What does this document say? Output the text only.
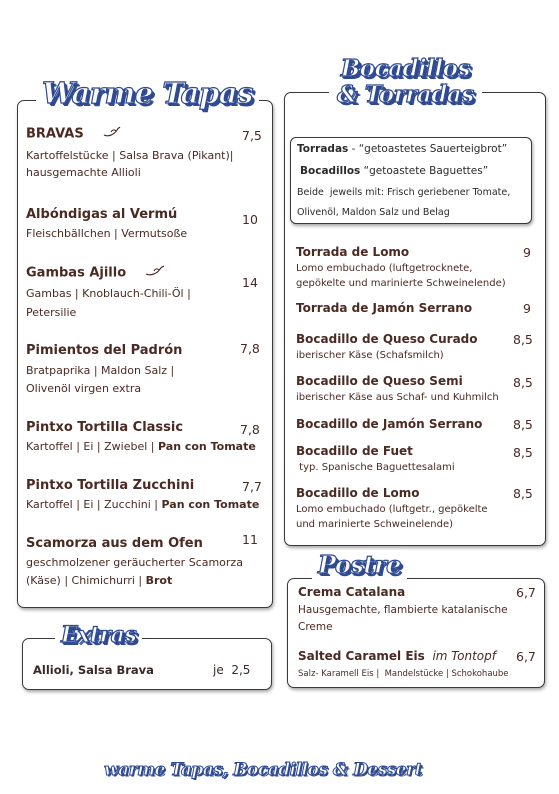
Warme Tapas
BRAVAS
Kartoffelstücke | Salsa Brava (Pikant)|
hausgemachte Allioli
7,5
Albóndigas al Vermú
Fleischbällchen | Vermutsoße
10
Gambas Ajillo
Gambas | Knoblauch-Chili-Öl |
Petersilie
14
Pimientos del Padrón
Bratpaprika | Maldon Salz |
Olivenöl virgen extra
7,8
Pintxo Tortilla Classic
Kartoffel | Ei | Zwiebel | Pan con Tomate
7,8
Pintxo Tortilla Zucchini
Kartoffel | Ei | Zucchini | Pan con Tomate
7,7
Scamorza aus dem Ofen
geschmolzener geräucherter Scamorza
(Käse) | Chimichurri | Brot
11
Extras
Allioli, Salsa Brava	je  2,5
Bocadillos
& Torradas
Torradas - “getoastetes Sauerteigbrot”
Bocadillos “getoastete Baguettes”
Beide  jeweils mit: Frisch geriebener Tomate,
Olivenöl, Maldon Salz und Belag
Torrada de Lomo
Lomo embuchado (luftgetrocknete,
gepökelte und marinierte Schweinelende)
9
Torrada de Jamón Serrano	9
Bocadillo de Queso Curado
iberischer Käse (Schafsmilch)
8,5
Bocadillo de Queso Semi
iberischer Käse aus Schaf- und Kuhmilch
8,5
Bocadillo de Jamón Serrano	8,5
Bocadillo de Fuet
typ. Spanische Baguettesalami
8,5
Bocadillo de Lomo
Lomo embuchado (luftgetr., gepökelte
und marinierte Schweinelende)
8,5
Postre
Crema Catalana
Hausgemachte, flambierte katalanische
Creme
6,7
Salted Caramel Eis  im Tontopf
Salz- Karamell Eis |  Mandelstücke | Schokohaube
6,7
warme Tapas, Bocadillos & Dessert
